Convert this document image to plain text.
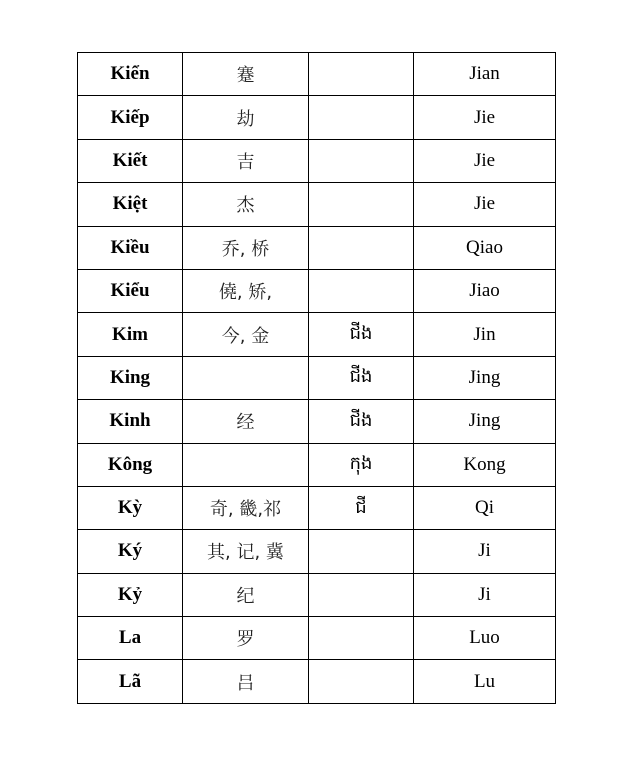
Kiển	蹇		Jian
Kiếp	劫		Jie
Kiết	吉		Jie
Kiệt	杰		Jie
Kiều	乔, 桥		Qiao
Kiểu	僥, 矫,		Jiao
Kim	今, 金	ជីង	Jin
King		ជីង	Jing
Kinh	经	ជីង	Jing
Kông		កុង	Kong
Kỳ	奇, 畿,祁	ជី	Qi
Ký	其, 记, 冀		Ji
Kỷ	纪		Ji
La	罗		Luo
Lã	吕		Lu
